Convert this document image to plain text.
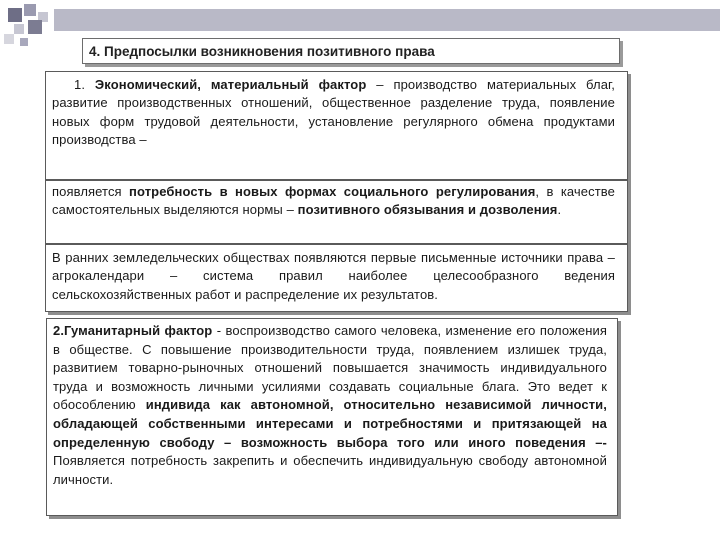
4. Предпосылки возникновения позитивного права

1. Экономический, материальный фактор – производство материальных благ, развитие производственных отношений, общественное разделение труда, появление новых форм трудовой деятельности, установление регулярного обмена продуктами производства –

появляется потребность в новых формах социального регулирования, в качестве самостоятельных выделяются нормы – позитивного обязывания и дозволения.

В ранних земледельческих обществах появляются первые письменные источники права – агрокалендари – система правил наиболее целесообразного ведения сельскохозяйственных работ и распределение их результатов.

2.Гуманитарный фактор - воспроизводство самого человека, изменение его положения в обществе. С повышение производительности труда, появлением излишек труда, развитием товарно-рыночных отношений повышается значимость индивидуального труда и возможность личными усилиями создавать социальные блага. Это ведет к обособлению индивида как автономной, относительно независимой личности, обладающей собственными интересами и потребностями и притязающей на определенную свободу – возможность выбора того или иного поведения –- Появляется потребность закрепить и обеспечить индивидуальную свободу автономной личности.
